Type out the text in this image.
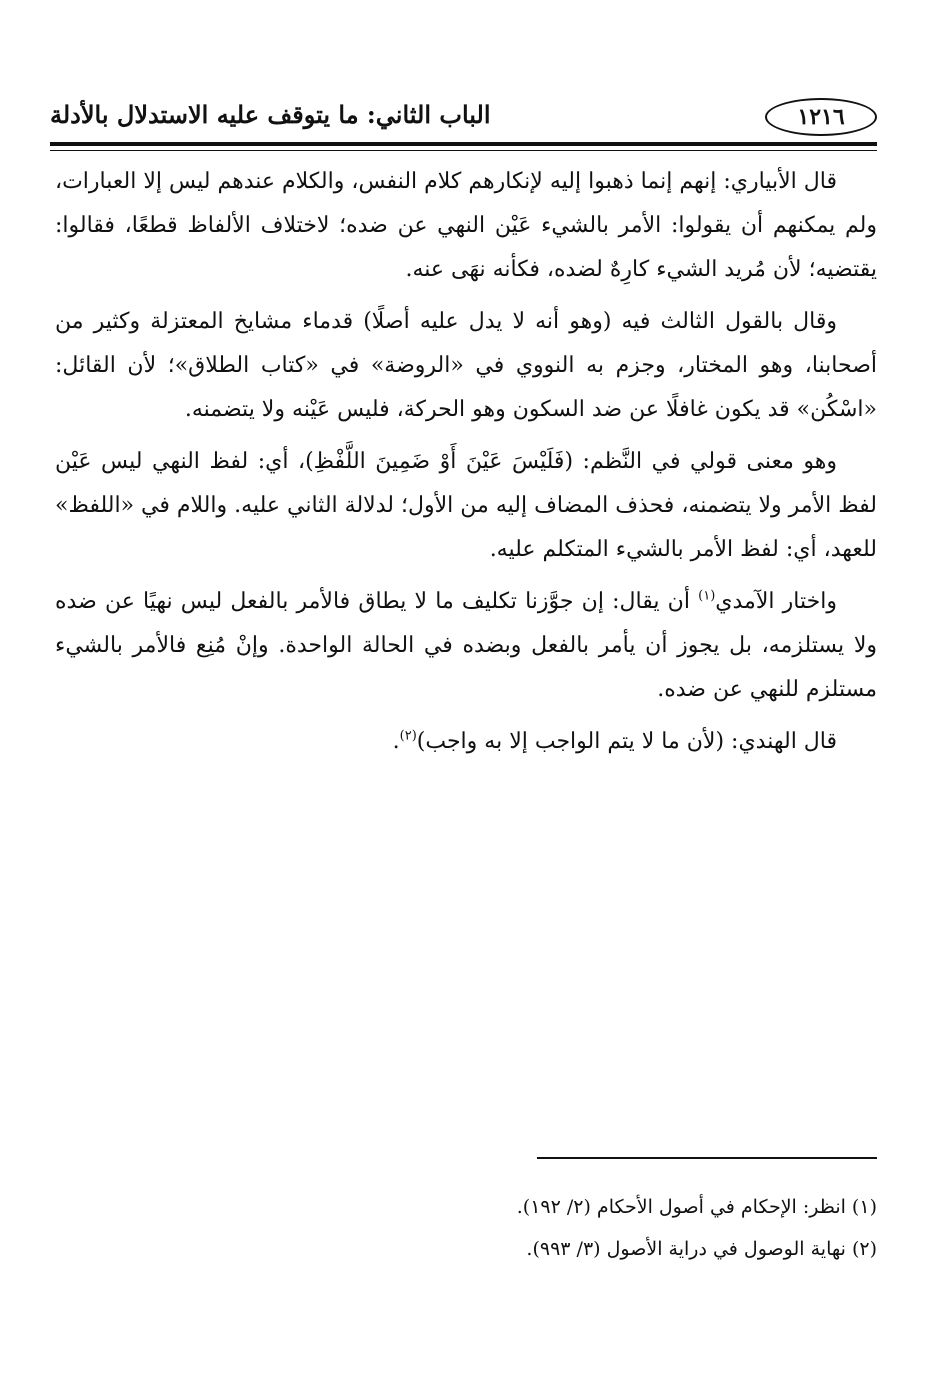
١٢١٦
الباب الثاني: ما يتوقف عليه الاستدلال بالأدلة

قال الأبياري: إنهم إنما ذهبوا إليه لإنكارهم كلام النفس، والكلام عندهم ليس إلا العبارات، ولم يمكنهم أن يقولوا: الأمر بالشيء عَيْن النهي عن ضده؛ لاختلاف الألفاظ قطعًا، فقالوا: يقتضيه؛ لأن مُريد الشيء كارِهٌ لضده، فكأنه نهَى عنه.

وقال بالقول الثالث فيه (وهو أنه لا يدل عليه أصلًا) قدماء مشايخ المعتزلة وكثير من أصحابنا، وهو المختار، وجزم به النووي في «الروضة» في «كتاب الطلاق»؛ لأن القائل: «اسْكُن» قد يكون غافلًا عن ضد السكون وهو الحركة، فليس عَيْنه ولا يتضمنه.

وهو معنى قولي في النَّظم: (فَلَيْسَ عَيْنَ أَوْ ضَمِينَ اللَّفْظِ)، أي: لفظ النهي ليس عَيْن لفظ الأمر ولا يتضمنه، فحذف المضاف إليه من الأول؛ لدلالة الثاني عليه. واللام في «اللفظ» للعهد، أي: لفظ الأمر بالشيء المتكلم عليه.

واختار الآمدي$^{(١)}$ أن يقال: إن جوَّزنا تكليف ما لا يطاق فالأمر بالفعل ليس نهيًا عن ضده ولا يستلزمه، بل يجوز أن يأمر بالفعل وبضده في الحالة الواحدة. وإنْ مُنِع فالأمر بالشيء مستلزم للنهي عن ضده.

قال الهندي: (لأن ما لا يتم الواجب إلا به واجب)$^{(٢)}$.

(١) انظر: الإحكام في أصول الأحكام (٢/ ١٩٢).
(٢) نهاية الوصول في دراية الأصول (٣/ ٩٩٣).
